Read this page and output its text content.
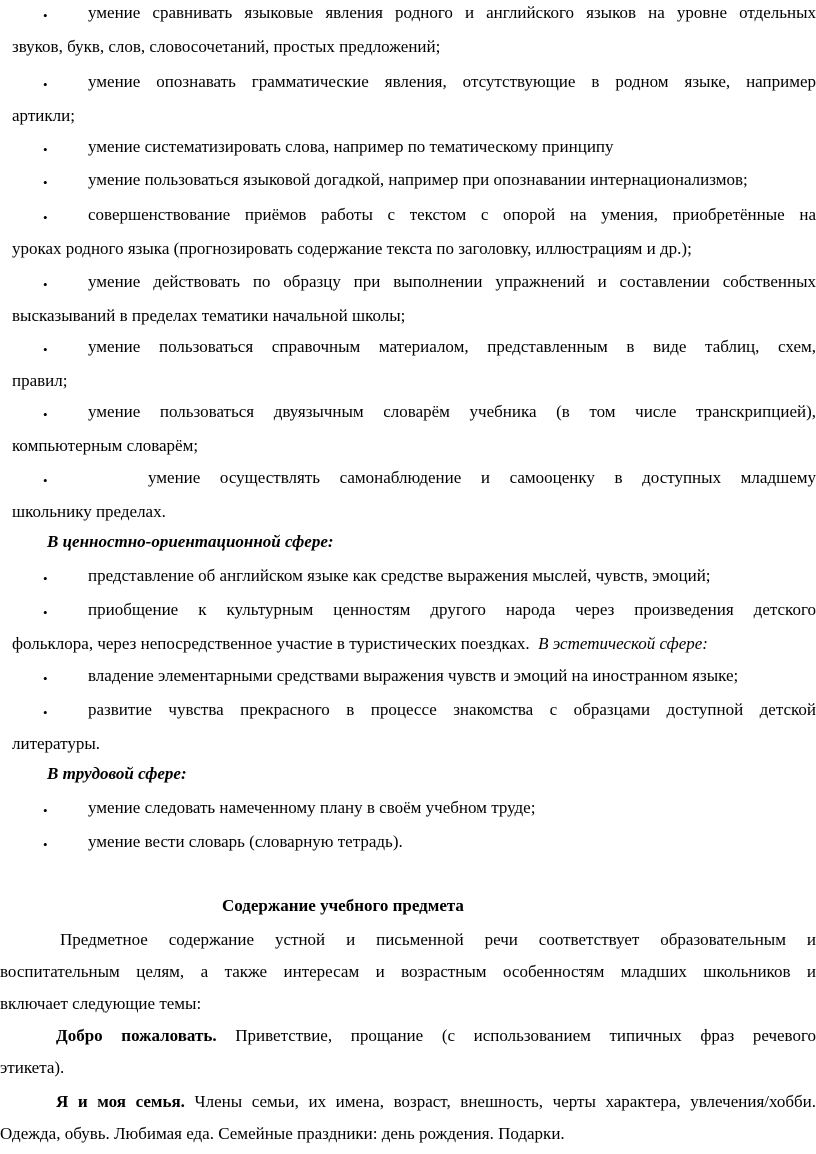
• умение сравнивать языковые явления родного и английского языков на уровне отдельных
звуков, букв, слов, словосочетаний, простых предложений;
• умение опознавать грамматические явления, отсутствующие в родном языке, например
артикли;
• умение систематизировать слова, например по тематическому принципу
• умение пользоваться языковой догадкой, например при опознавании интернационализмов;
• совершенствование приёмов работы с текстом с опорой на умения, приобретённые на
уроках родного языка (прогнозировать содержание текста по заголовку, иллюстрациям и др.);
• умение действовать по образцу при выполнении упражнений и составлении собственных
высказываний в пределах тематики начальной школы;
• умение пользоваться справочным материалом, представленным в виде таблиц, схем,
правил;
• умение пользоваться двуязычным словарём учебника (в том числе транскрипцией),
компьютерным словарём;
•	умение осуществлять самонаблюдение и самооценку в доступных младшему
школьнику пределах.
В ценностно-ориентационной сфере:
• представление об английском языке как средстве выражения мыслей, чувств, эмоций;
• приобщение к культурным ценностям другого народа через произведения детского
фольклора, через непосредственное участие в туристических поездках. В эстетической сфере:
• владение элементарными средствами выражения чувств и эмоций на иностранном языке;
• развитие чувства прекрасного в процессе знакомства с образцами доступной детской
литературы.
В трудовой сфере:
• умение следовать намеченному плану в своём учебном труде;
• умение вести словарь (словарную тетрадь).
Содержание учебного предмета
Предметное содержание устной и письменной речи соответствует образовательным и
воспитательным целям, а также интересам и возрастным особенностям младших школьников и
включает следующие темы:
Добро пожаловать. Приветствие, прощание (с использованием типичных фраз речевого
этикета).
Я и моя семья. Члены семьи, их имена, возраст, внешность, черты характера, увлечения/хобби.
Одежда, обувь. Любимая еда. Семейные праздники: день рождения. Подарки.
